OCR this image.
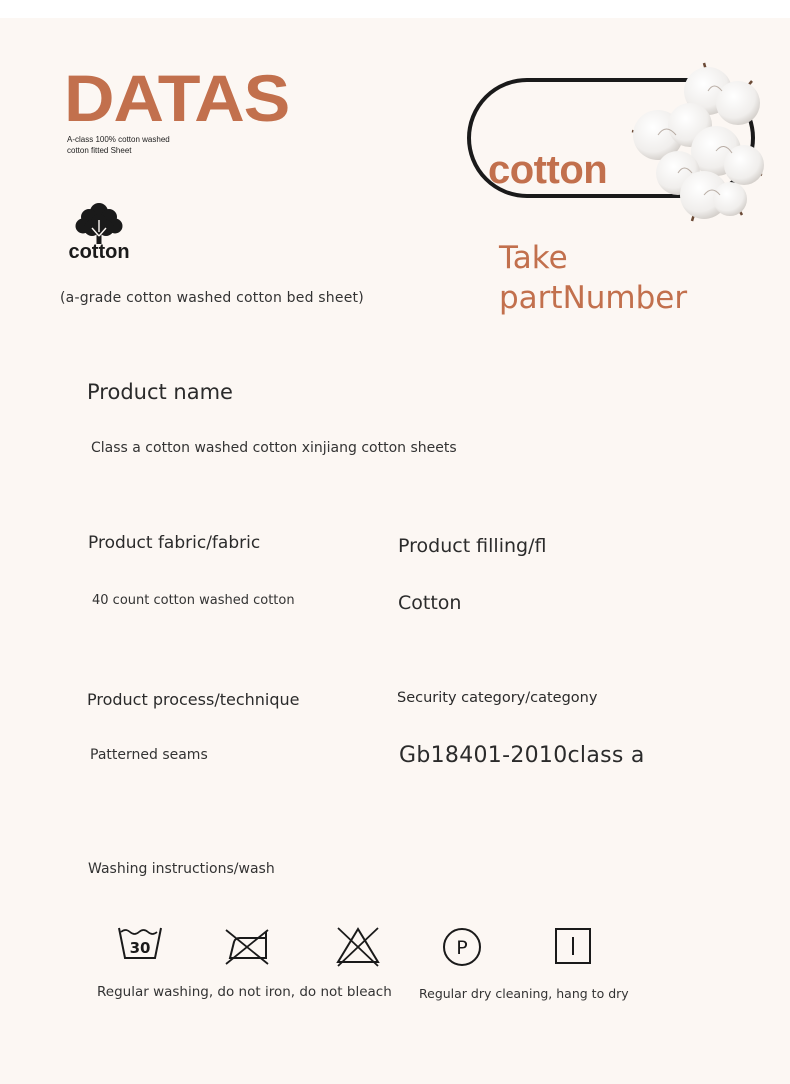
DATAS
A-class 100% cotton washed
cotton fitted Sheet
cotton
(a-grade cotton washed cotton bed sheet)
cotton
Take
partNumber
Product name
Class a cotton washed cotton xinjiang cotton sheets
Product fabric/fabric
40 count cotton washed cotton
Product filling/fl
Cotton
Product process/technique
Patterned seams
Security category/categony
Gb18401-2010class a
Washing instructions/wash
30	P
Regular washing, do not iron, do not bleach Regular dry cleaning, hang to dry
